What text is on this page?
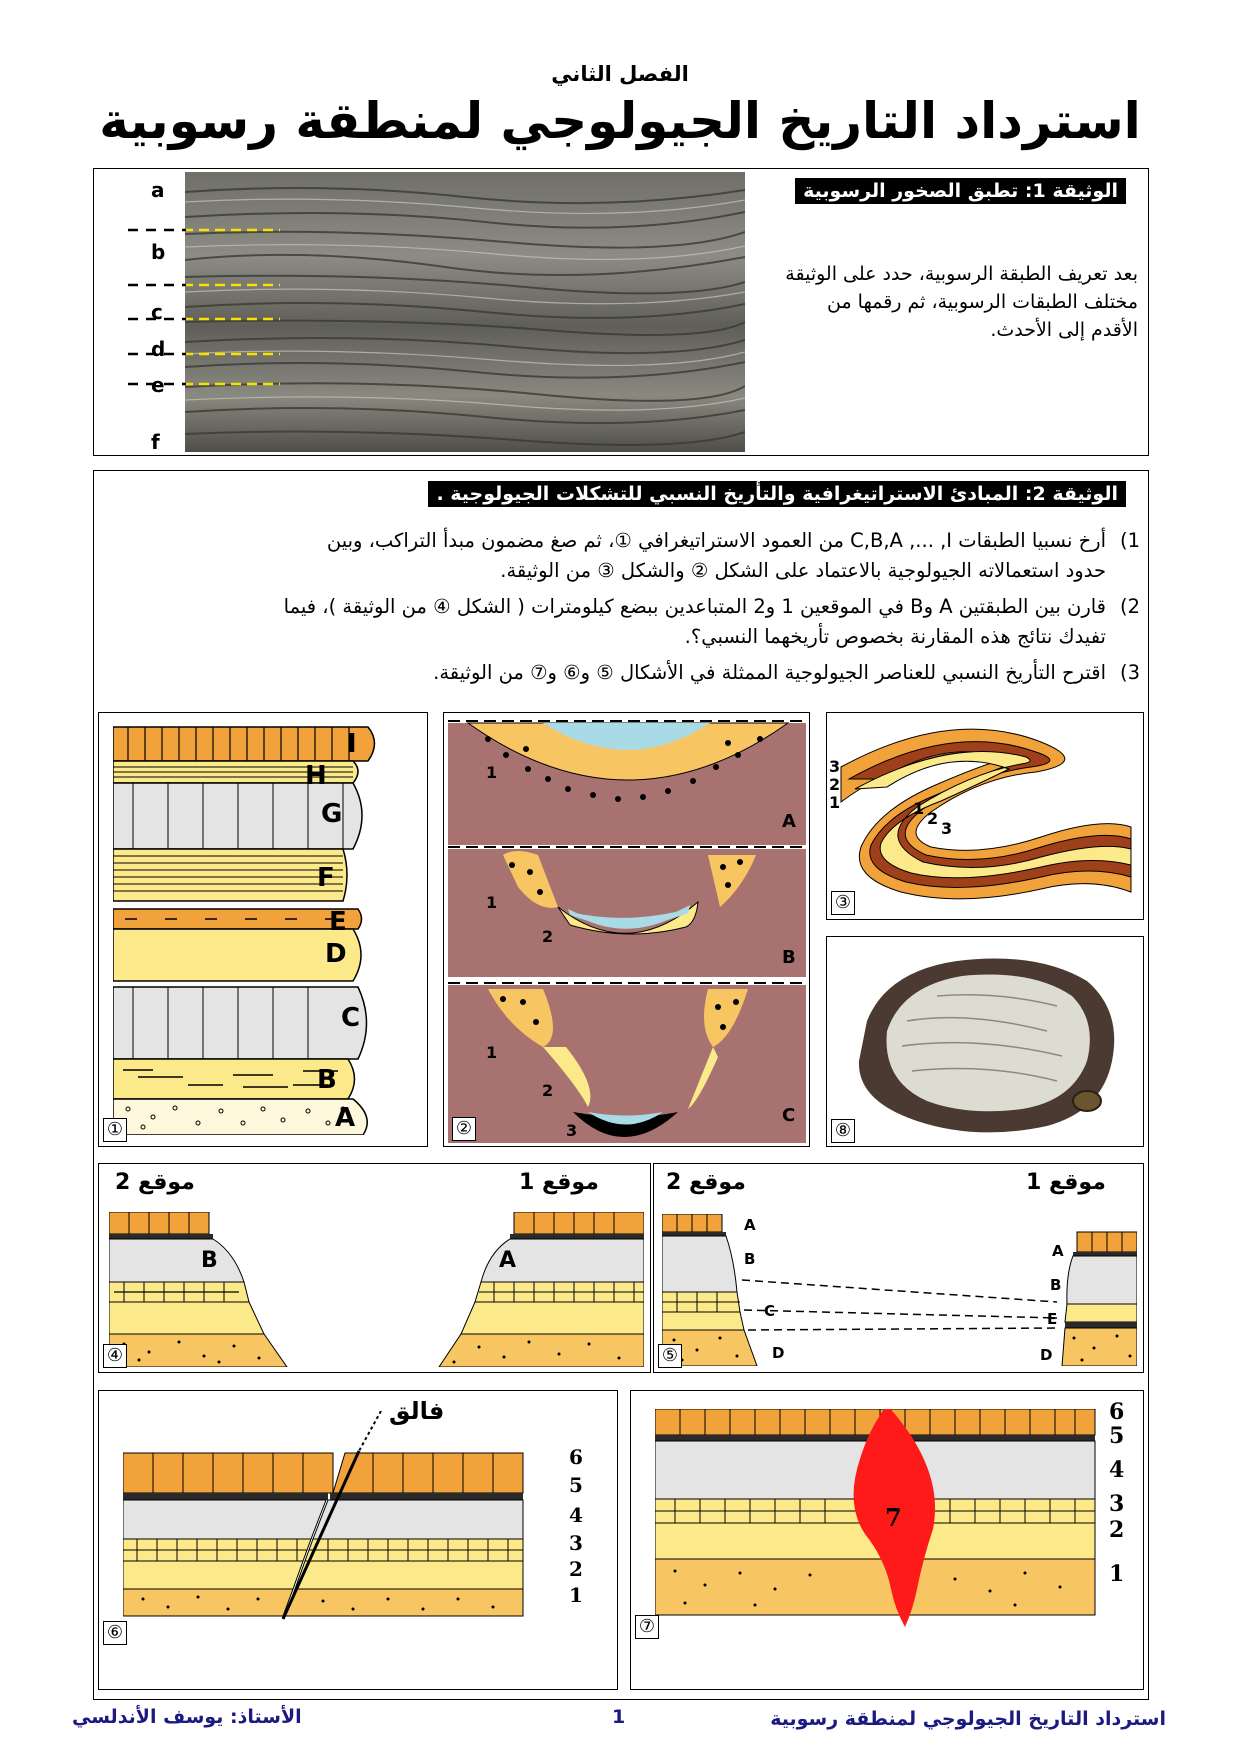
الفصل الثاني
استرداد التاريخ الجيولوجي لمنطقة رسوبية
الوثيقة 1: تطبق الصخور الرسوبية
بعد تعريف الطبقة الرسوبية، حدد على الوثيقة مختلف الطبقات الرسوبية، ثم رقمها من الأقدم إلى الأحدث.
a
b
c
d
e
f
الوثيقة 2: المبادئ الاستراتيغرافية والتأريخ النسبي للتشكلات الجيولوجية .
1)
أرخ نسبيا الطبقات C,B,A ,... ,I من العمود الاستراتيغرافي ①، ثم صغ مضمون مبدأ التراكب، وبين
حدود استعمالاته الجيولوجية بالاعتماد على الشكل ② والشكل ③ من الوثيقة.
2)
قارن بين الطبقتين A وB في الموقعين 1 و2 المتباعدين ببضع كيلومترات ( الشكل ④ من الوثيقة )، فيما
تفيدك نتائج هذه المقارنة بخصوص تأريخهما النسبي؟.
3)
اقترح التأريخ النسبي للعناصر الجيولوجية الممثلة في الأشكال ⑤ و⑥ و⑦ من الوثيقة.
I
H
G
F
E
D
C
B
A
①
A
B
C
1
1
2
1
2
3
②
3
2
1	1
2
3
③
⑧
موقع 2	موقع 1
B	A
④
موقع 2	موقع 1
A
B
C
D
A
B
E
D
⑤
فالق
6
5
4
3
2
1
⑥
7
6
5
4
3
2
1
⑦
الأستاذ: يوسف الأندلسي	1	استرداد التاريخ الجيولوجي لمنطقة رسوبية
